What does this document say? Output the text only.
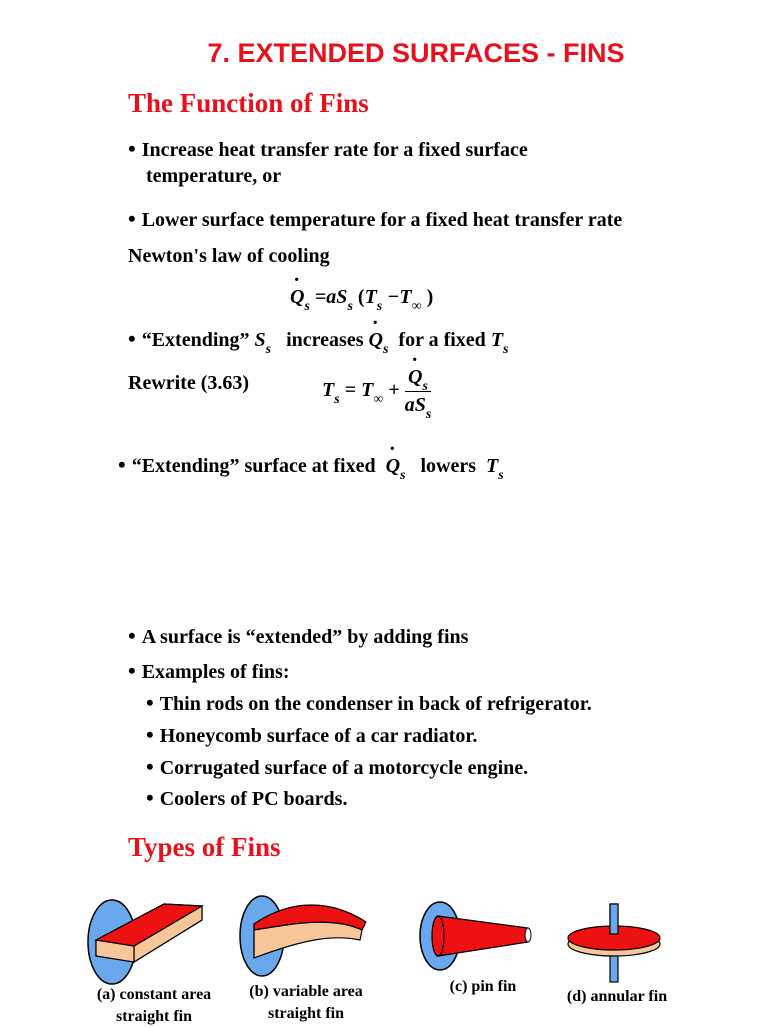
7. EXTENDED SURFACES - FINS
The Function of Fins
• Increase heat transfer rate for a fixed surface
temperature, or
• Lower surface temperature for a fixed heat transfer rate
Newton's law of cooling
˙ $Q_s =aS_s$ ($T_s -T_\infty$ )
• “Extending” $S_s$ increases ˙ $Q_s$ for a fixed $T_s$
Rewrite (3.63)	$T_s = T_\infty$ + ˙ $\frac{Q_s}{aS_s}$
• “Extending” surface at fixed ˙ $Q_s$ lowers $T_s$
• A surface is “extended” by adding fins
• Examples of fins:
• Thin rods on the condenser in back of refrigerator.
• Honeycomb surface of a car radiator.
• Corrugated surface of a motorcycle engine.
• Coolers of PC boards.
Types of Fins
(a) constant area
straight fin
(b) variable area
straight fin
(c) pin fin
(d) annular fin
